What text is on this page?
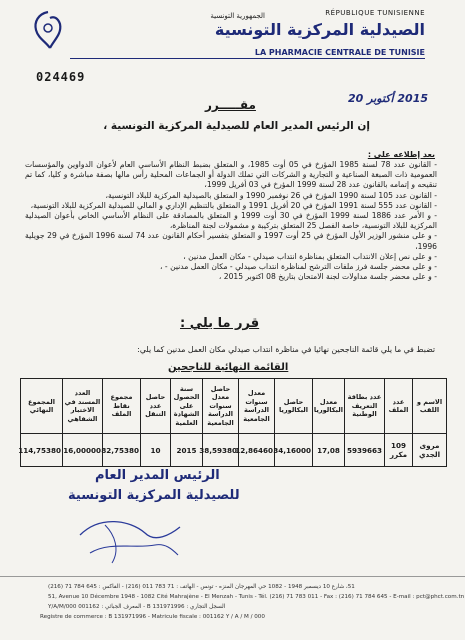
RÉPUBLIQUE TUNISIENNE
الجمهورية التونسية
الصيدلية المركزية التونسية
LA PHARMACIE CENTRALE DE TUNISIE
024469
2015 أكتوبر 20
مقـــــرر
إن الرئيس المدير العام للصيدلية المركزية التونسية ،
بعد إطلاعه على :

- القانون عدد 78 لسنة 1985 المؤرخ في 05 أوت 1985، و المتعلق بضبط النظام الأساسي العام لأعوان الدواوين والمؤسسات العمومية ذات الصبغة الصناعية و التجارية و الشركات التي تملك الدولة أو الجماعات المحلية رأس مالها بصفة مباشرة و كليا، كما تم تنقيحه و إتمامه بالقانون عدد 28 لسنة 1999 المؤرخ في 03 أفريل 1999،

- القانون عدد 105 لسنة 1990 المؤرخ في 26 نوفمبر 1990 و المتعلق بالصيدلية المركزية للبلاد التونسية،

- القانون عدد 555 لسنة 1991 المؤرخ في 20 أفريل 1991 و المتعلق بالتنظيم الإداري و المالي للصيدلية المركزية للبلاد التونسية،

- و الأمر عدد 1886 لسنة 1999 المؤرخ في 30 أوت 1999 و المتعلق بالمصادقة على النظام الأساسي الخاص بأعوان الصيدلية المركزية للبلاد التونسية، خاصة الفصل 25 المتعلق بتركيبة و مشمولات لجنة المناظرة،

- و على منشور الوزير الأول المؤرخ في 25 أوت 1997 و المتعلق بتفسير أحكام القانون عدد 74 لسنة 1996 المؤرخ في 29 جويلية 1996،

- و على نص إعلان الانتداب المتعلق بمناظرة انتداب صيدلي - مكان العمل مدنين ،

- و على محضر جلسة فرز ملفات الترشح لمناظرة انتداب صيدلي - مكان العمل مدنين - ،

- و على محضر جلسة مداولات لجنة الامتحان بتاريخ 08 اكتوبر 2015 ،

قرر ما يلي :
تضبط في ما يلي قائمة الناجحين نهائيا في مناظرة انتداب صيدلي مكان العمل مدنين كما يلي:
القائمة النهائية للناجحين
الاسم و اللقب	عدد الملف	عدد بطاقة التعريف الوطنية	معدل البكالوريا	حاصل البكالوريا	معدل سنوات الدراسة الجامعية	حاصل معدل سنوات الدراسة الجامعية	سنة الحصول على الشهادة العلمية	حاصل عدد التنقل	مجموع نقاط الملف	العدد المسند في الاختبار الشفاهي	المجموع النهائي
مروى الجدي	109 مكرر	5939663	17,08	34,16000	12,86460	38,59380	2015	10	82,75380	16,00000	114,75380
الرئيس المدير العام
للصيدلية المركزية التونسية
51، شارع 10 ديسمبر 1948 - 1082 حي المهرجان المنزه - تونس - الهاتف : 71 783 011 (216) - الفاكس : 645 784 71 (216)
51, Avenue 10 Décembre 1948 - 1082 Cité Mahrajène - El Menzah - Tunis - Tél. (216) 71 783 011 - Fax : (216) 71 784 645 - E-mail : pct@phct.com.tn
السجل التجاري : B 131971996 - المعرف الجبائي : 001162 Y/A/M/000
Registre de commerce : B 131971996 - Matricule fiscale : 001162 Y / A / M / 000
